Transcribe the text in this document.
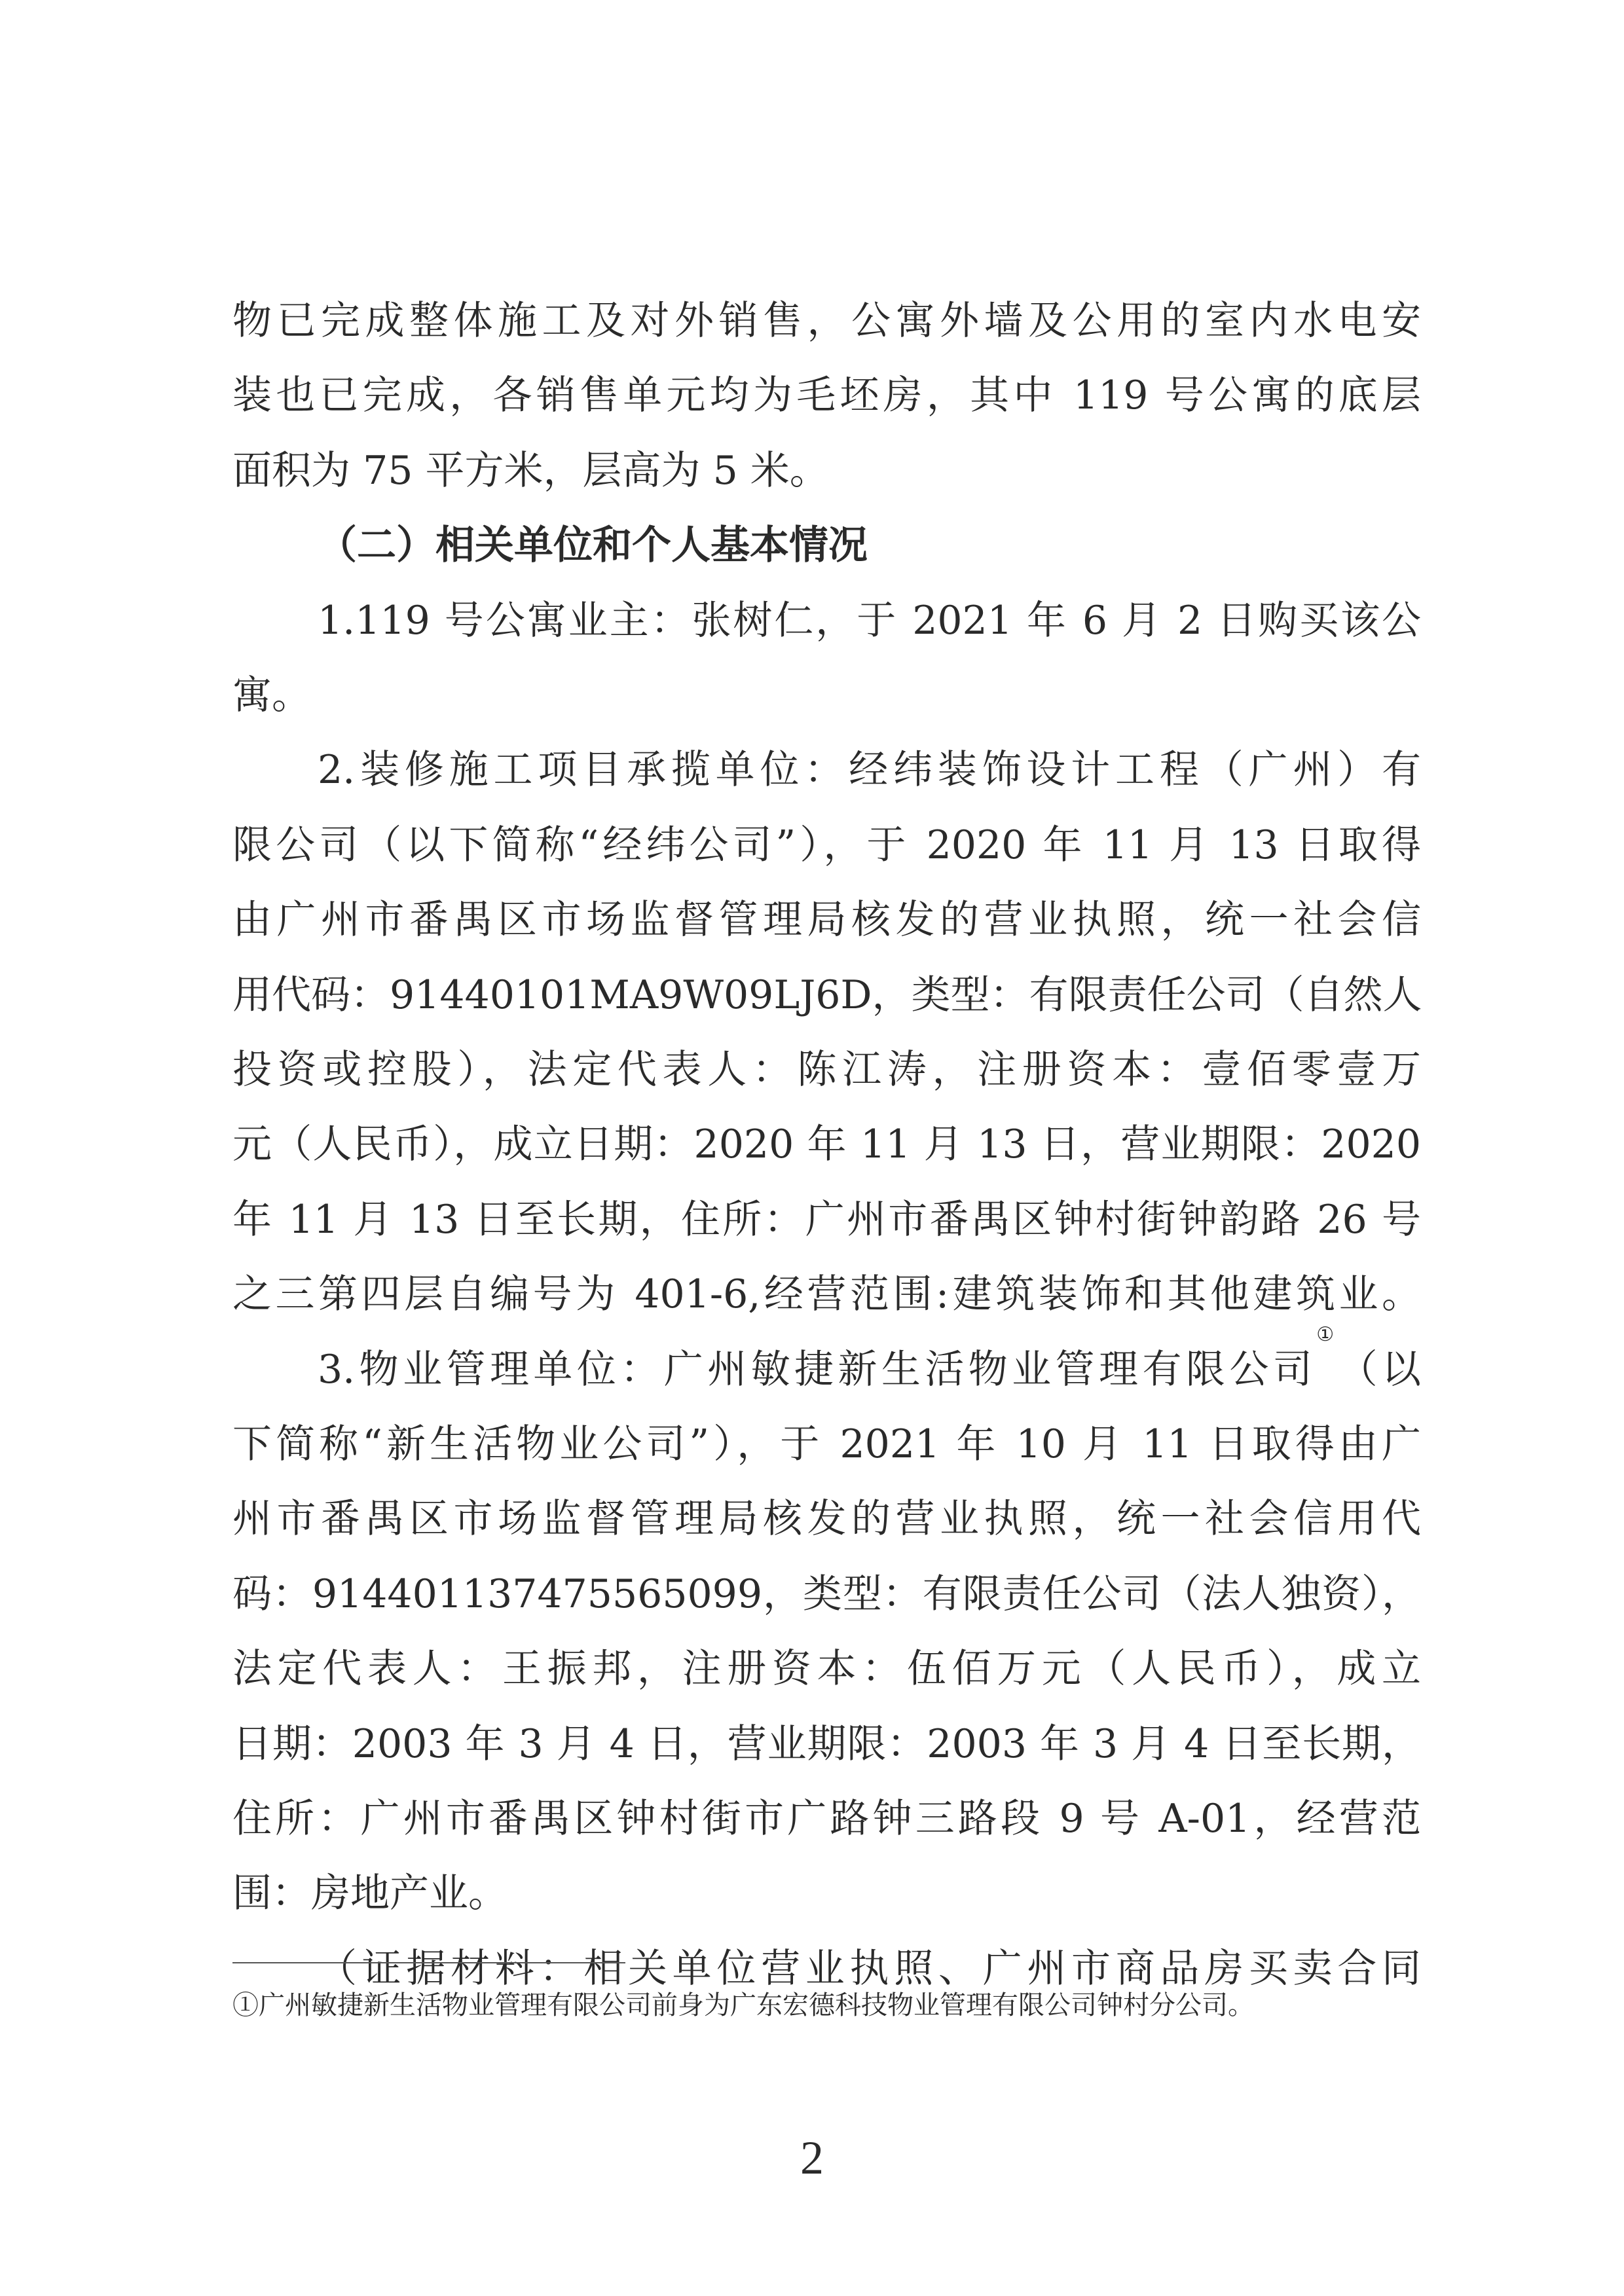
物已完成整体施工及对外销售，公寓外墙及公用的室内水电安
装也已完成，各销售单元均为毛坯房，其中 119 号公寓的底层
面积为 75 平方米，层高为 5 米。
（二）相关单位和个人基本情况
1.119 号公寓业主：张树仁，于 2021 年 6 月 2 日购买该公
寓。
2.装修施工项目承揽单位：经纬装饰设计工程（广州）有
限公司（以下简称“经纬公司”），于 2020 年 11 月 13 日取得
由广州市番禺区市场监督管理局核发的营业执照，统一社会信
用代码：91440101MA9W09LJ6D，类型：有限责任公司（自然人
投资或控股），法定代表人：陈江涛，注册资本：壹佰零壹万
元（人民币），成立日期：2020 年 11 月 13 日，营业期限：2020
年 11 月 13 日至长期，住所：广州市番禺区钟村街钟韵路 26 号
之三第四层自编号为 401-6,经营范围:建筑装饰和其他建筑业。
3.物业管理单位：广州敏捷新生活物业管理有限公司①（以
下简称“新生活物业公司”），于 2021 年 10 月 11 日取得由广
州市番禺区市场监督管理局核发的营业执照，统一社会信用代
码：914401137475565099，类型：有限责任公司（法人独资），
法定代表人：王振邦，注册资本：伍佰万元（人民币），成立
日期：2003 年 3 月 4 日，营业期限：2003 年 3 月 4 日至长期，
住所：广州市番禺区钟村街市广路钟三路段 9 号 A-01，经营范
围：房地产业。
（证据材料：相关单位营业执照、广州市商品房买卖合同
①广州敏捷新生活物业管理有限公司前身为广东宏德科技物业管理有限公司钟村分公司。
2
